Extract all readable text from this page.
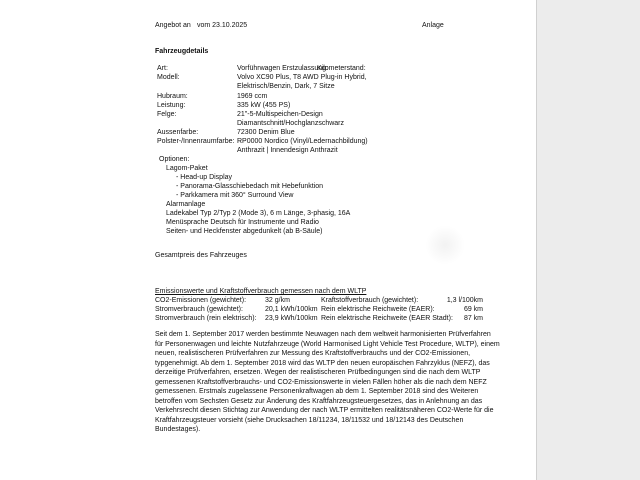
Angebot an vom 23.10.2025	Anlage
Fahrzeugdetails
Art:	Vorführwagen Erstzulassung:
Kilometerstand:
Modell:	Volvo XC90 Plus, T8 AWD Plug-in Hybrid,
Elektrisch/Benzin, Dark, 7 Sitze
Hubraum:	1969 ccm
Leistung:	335 kW (455 PS)
Felge:	21"-5-Multispeichen-Design
Diamantschnitt/Hochglanzschwarz
Aussenfarbe:	72300 Denim Blue
Polster-/Innenraumfarbe: RP0000 Nordico (Vinyl/Ledernachbildung)
Anthrazit | Innendesign Anthrazit
Optionen:
Lagom-Paket
- Head-up Display
- Panorama-Glasschiebedach mit Hebefunktion
- Parkkamera mit 360° Surround View
Alarmanlage
Ladekabel Typ 2/Typ 2 (Mode 3), 6 m Länge, 3-phasig, 16A
Menüsprache Deutsch für Instrumente und Radio
Seiten- und Heckfenster abgedunkelt (ab B-Säule)
Gesamtpreis des Fahrzeuges
Emissionswerte und Kraftstoffverbrauch gemessen nach dem WLTP
CO2-Emissionen (gewichtet):	32 g/km	Kraftstoffverbrauch (gewichtet):	1,3 l/100km
Stromverbrauch (gewichtet):	20,1 kWh/100km Rein elektrische Reichweite (EAER):	69 km
Stromverbrauch (rein elektrisch): 23,9 kWh/100km Rein elektrische Reichweite (EAER Stadt):	87 km
Seit dem 1. September 2017 werden bestimmte Neuwagen nach dem weltweit harmonisierten Prüfverfahren für Personenwagen und leichte Nutzfahrzeuge (World Harmonised Light Vehicle Test Procedure, WLTP), einem neuen, realistischeren Prüfverfahren zur Messung des Kraftstoffverbrauchs und der CO2-Emissionen, typgenehmigt. Ab dem 1. September 2018 wird das WLTP den neuen europäischen Fahrzyklus (NEFZ), das derzeitige Prüfverfahren, ersetzen. Wegen der realistischeren Prüfbedingungen sind die nach dem WLTP gemessenen Kraftstoffverbrauchs- und CO2-Emissionswerte in vielen Fällen höher als die nach dem NEFZ gemessenen. Erstmals zugelassene Personenkraftwagen ab dem 1. September 2018 sind des Weiteren betroffen vom Sechsten Gesetz zur Änderung des Kraftfahrzeugsteuergesetzes, das in Anlehnung an das Verkehrsrecht diesen Stichtag zur Anwendung der nach WLTP ermittelten realitätsnäheren CO2-Werte für die Kraftfahrzeugsteuer vorsieht (siehe Drucksachen 18/11234, 18/11532 und 18/12143 des Deutschen Bundestages).
